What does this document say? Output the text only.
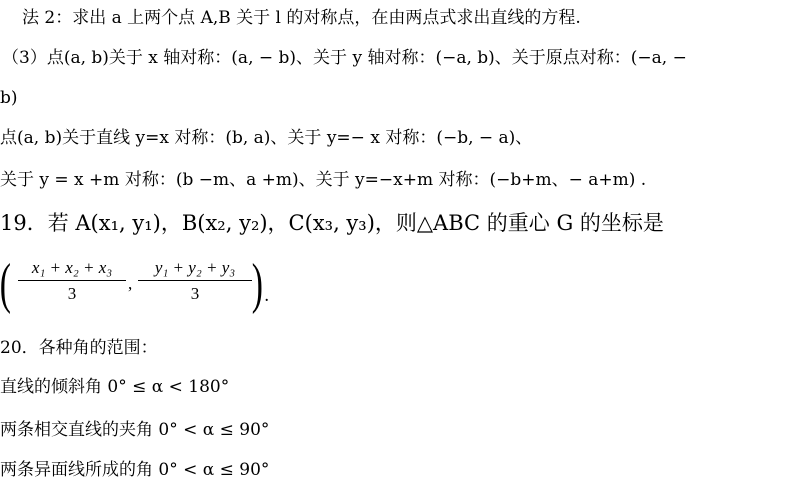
法 2：求出 a 上两个点 A,B 关于 l 的对称点，在由两点式求出直线的方程.
（3）点(a, b)关于 x 轴对称：(a, − b)、关于 y 轴对称：(−a, b)、关于原点对称：(−a, −
b)
点(a, b)关于直线 y=x 对称：(b, a)、关于 y=− x 对称：(−b, − a)、
关于 y = x +m 对称：(b −m、a +m)、关于 y=−x+m 对称：(−b+m、− a+m) .
19．若 A(x₁, y₁)，B(x₂, y₂)，C(x₃, y₃)，则△ABC 的重心 G 的坐标是
( $\frac{\text{x₁ + x₂ + x₃}}{3}$ , $\frac{\text{y₁ + y₂ + y₃}}{3}$ ) .
20．各种角的范围：
直线的倾斜角 0° ≤ α < 180°
两条相交直线的夹角 0° < α ≤ 90°
两条异面线所成的角 0° < α ≤ 90°
